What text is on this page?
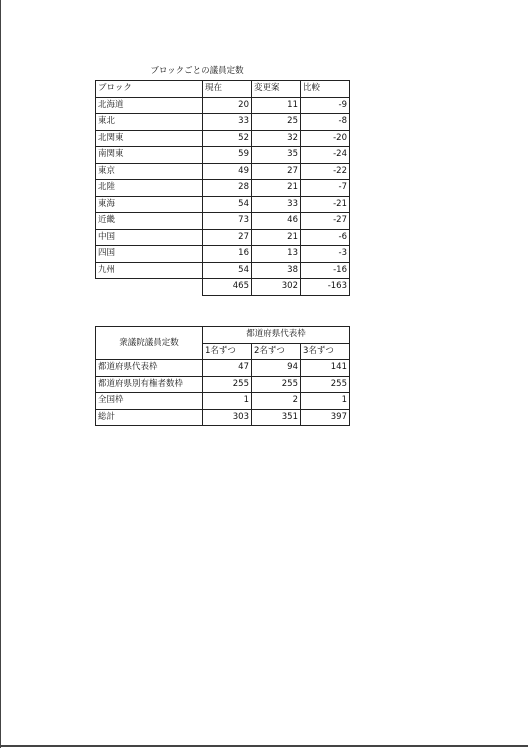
ブロックごとの議員定数
ブロック	現在	変更案	比較
北海道	20	11	-9
東北	33	25	-8
北関東	52	32	-20
南関東	59	35	-24
東京	49	27	-22
北陸	28	21	-7
東海	54	33	-21
近畿	73	46	-27
中国	27	21	-6
四国	16	13	-3
九州	54	38	-16
	465	302	-163
衆議院議員定数	都道府県代表枠		
	1名ずつ	2名ずつ	3名ずつ
都道府県代表枠	47	94	141
都道府県別有権者数枠	255	255	255
全国枠	1	2	1
総計	303	351	397
